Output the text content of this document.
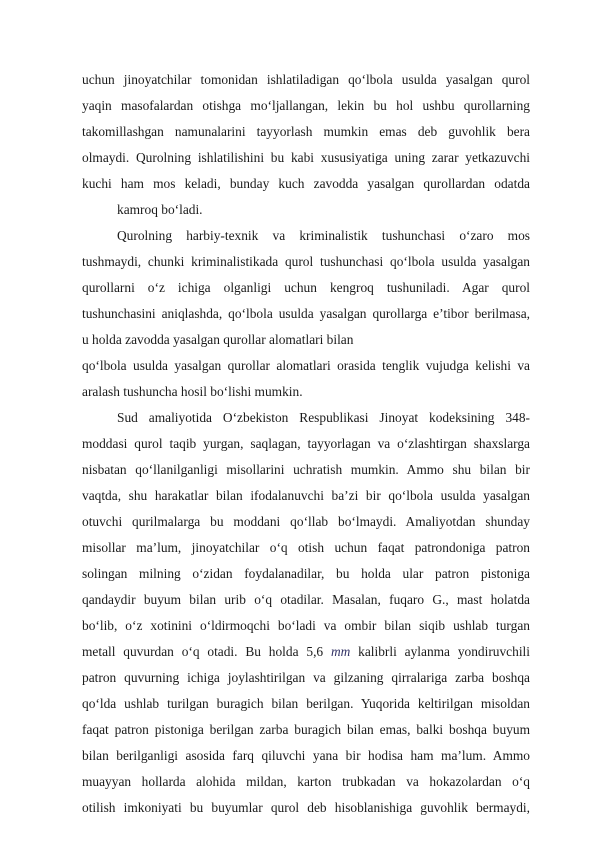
uchun jinoyatchilar tomonidan ishlatiladigan qo‘lbola usulda yasalgan qurol
yaqin masofalardan otishga mo‘ljallangan, lekin bu hol ushbu qurollarning
takomillashgan namunalarini tayyorlash mumkin emas deb guvohlik bera
olmaydi. Qurolning ishlatilishini bu kabi xususiyatiga uning zarar yetkazuvchi
kuchi ham mos keladi, bunday kuch zavodda yasalgan qurollardan odatda
kamroq bo‘ladi.
Qurolning harbiy-texnik va kriminalistik tushunchasi o‘zaro mos
tushmaydi, chunki kriminalistikada qurol tushunchasi qo‘lbola usulda yasalgan
qurollarni o‘z ichiga olganligi uchun kengroq tushuniladi. Agar qurol
tushunchasini aniqlashda, qo‘lbola usulda yasalgan qurollarga e’tibor berilmasa,
u holda zavodda yasalgan qurollar alomatlari bilan
qo‘lbola usulda yasalgan qurollar alomatlari orasida tenglik vujudga kelishi va
aralash tushuncha hosil bo‘lishi mumkin.
Sud amaliyotida O‘zbekiston Respublikasi Jinoyat kodeksining 348-
moddasi qurol taqib yurgan, saqlagan, tayyorlagan va o‘zlashtirgan shaxslarga
nisbatan qo‘llanilganligi misollarini uchratish mumkin. Ammo shu bilan bir
vaqtda, shu harakatlar bilan ifodalanuvchi ba’zi bir qo‘lbola usulda yasalgan
otuvchi qurilmalarga bu moddani qo‘llab bo‘lmaydi. Amaliyotdan shunday
misollar ma’lum, jinoyatchilar o‘q otish uchun faqat patrondoniga patron
solingan milning o‘zidan foydalanadilar, bu holda ular patron pistoniga
qandaydir buyum bilan urib o‘q otadilar. Masalan, fuqaro G., mast holatda
bo‘lib, o‘z xotinini o‘ldirmoqchi bo‘ladi va ombir bilan siqib ushlab turgan
metall quvurdan o‘q otadi. Bu holda 5,6 mm kalibrli aylanma yondiruvchili
patron quvurning ichiga joylashtirilgan va gilzaning qirralariga zarba boshqa
qo‘lda ushlab turilgan buragich bilan berilgan. Yuqorida keltirilgan misoldan
faqat patron pistoniga berilgan zarba buragich bilan emas, balki boshqa buyum
bilan berilganligi asosida farq qiluvchi yana bir hodisa ham ma’lum. Ammo
muayyan hollarda alohida mildan, karton trubkadan va hokazolardan o‘q
otilish imkoniyati bu buyumlar qurol deb hisoblanishiga guvohlik bermaydi,
